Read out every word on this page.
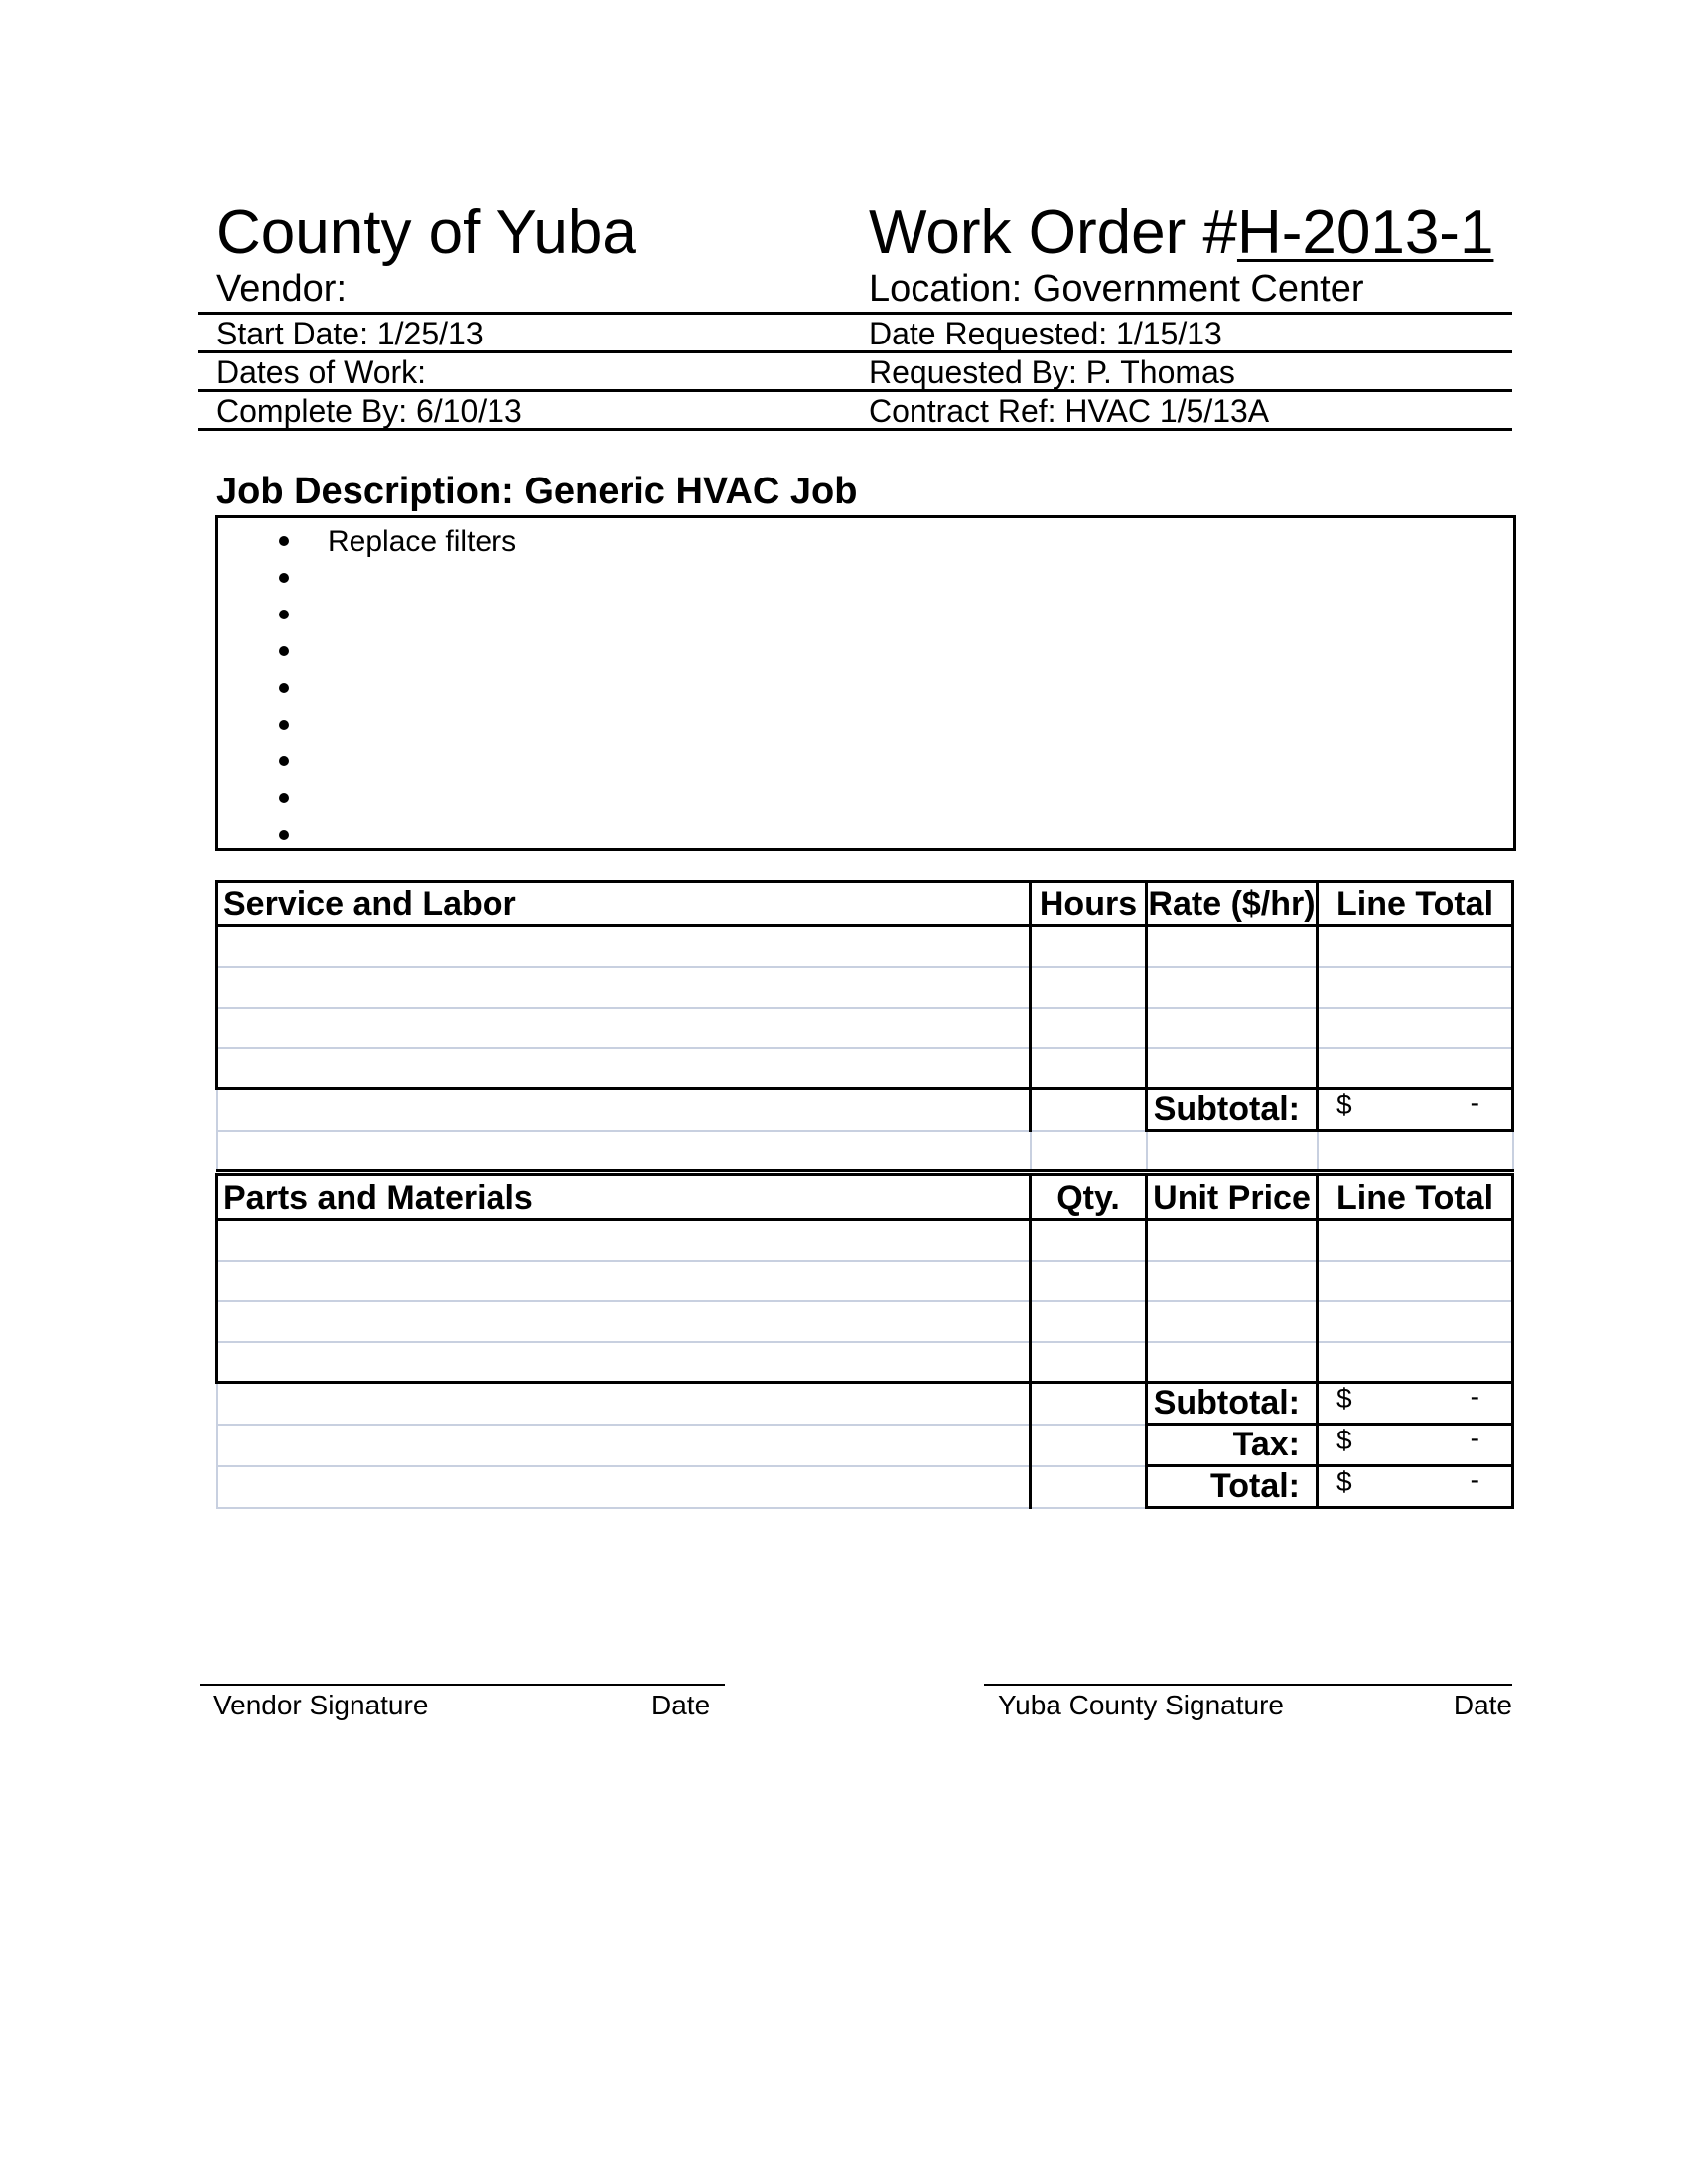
County of Yuba	Work Order #H-2013-1
Vendor:	Location: Government Center
Start Date: 1/25/13	Date Requested: 1/15/13
Dates of Work:	Requested By: P. Thomas
Complete By: 6/10/13	Contract Ref: HVAC 1/5/13A
Job Description: Generic HVAC Job
Replace filters
Service and Labor	Hours	Rate ($/hr)	Line Total

		Subtotal:	$ -

Parts and Materials	Qty.	Unit Price	Line Total

		Subtotal:	$ -

		Tax:	$ -

		Total:	$ -
Vendor Signature	Date	Yuba County Signature	Date
